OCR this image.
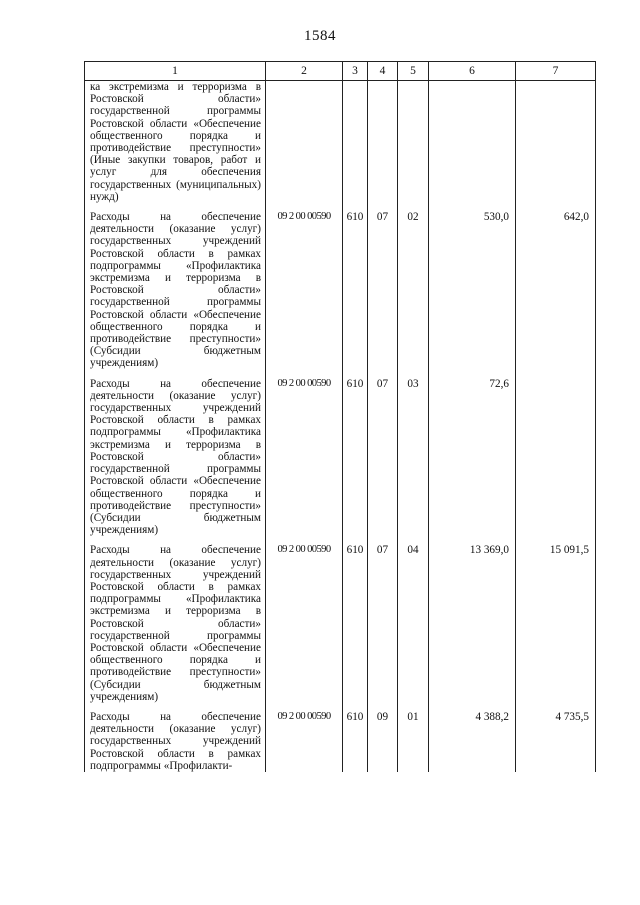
1584
1	2	3	4	5	6	7
ка экстремизма и терроризма в Ростовской области» государственной программы Ростовской области «Обеспечение общественного порядка и противодействие преступности» (Иные закупки товаров, работ и услуг для обеспечения государственных (муниципальных) нужд)						
Расходы на обеспечение деятельности (оказание услуг) государственных учреждений Ростовской области в рамках подпрограммы «Профилактика экстремизма и терроризма в Ростовской области» государственной программы Ростовской области «Обеспечение общественного порядка и противодействие преступности» (Субсидии бюджетным учреждениям)	09 2 00 00590	610	07	02	530,0	642,0
Расходы на обеспечение деятельности (оказание услуг) государственных учреждений Ростовской области в рамках подпрограммы «Профилактика экстремизма и терроризма в Ростовской области» государственной программы Ростовской области «Обеспечение общественного порядка и противодействие преступности» (Субсидии бюджетным учреждениям)	09 2 00 00590	610	07	03	72,6	
Расходы на обеспечение деятельности (оказание услуг) государственных учреждений Ростовской области в рамках подпрограммы «Профилактика экстремизма и терроризма в Ростовской области» государственной программы Ростовской области «Обеспечение общественного порядка и противодействие преступности» (Субсидии бюджетным учреждениям)	09 2 00 00590	610	07	04	13 369,0	15 091,5
Расходы на обеспечение деятельности (оказание услуг) государственных учреждений Ростовской области в рамках подпрограммы «Профилакти-	09 2 00 00590	610	09	01	4 388,2	4 735,5
